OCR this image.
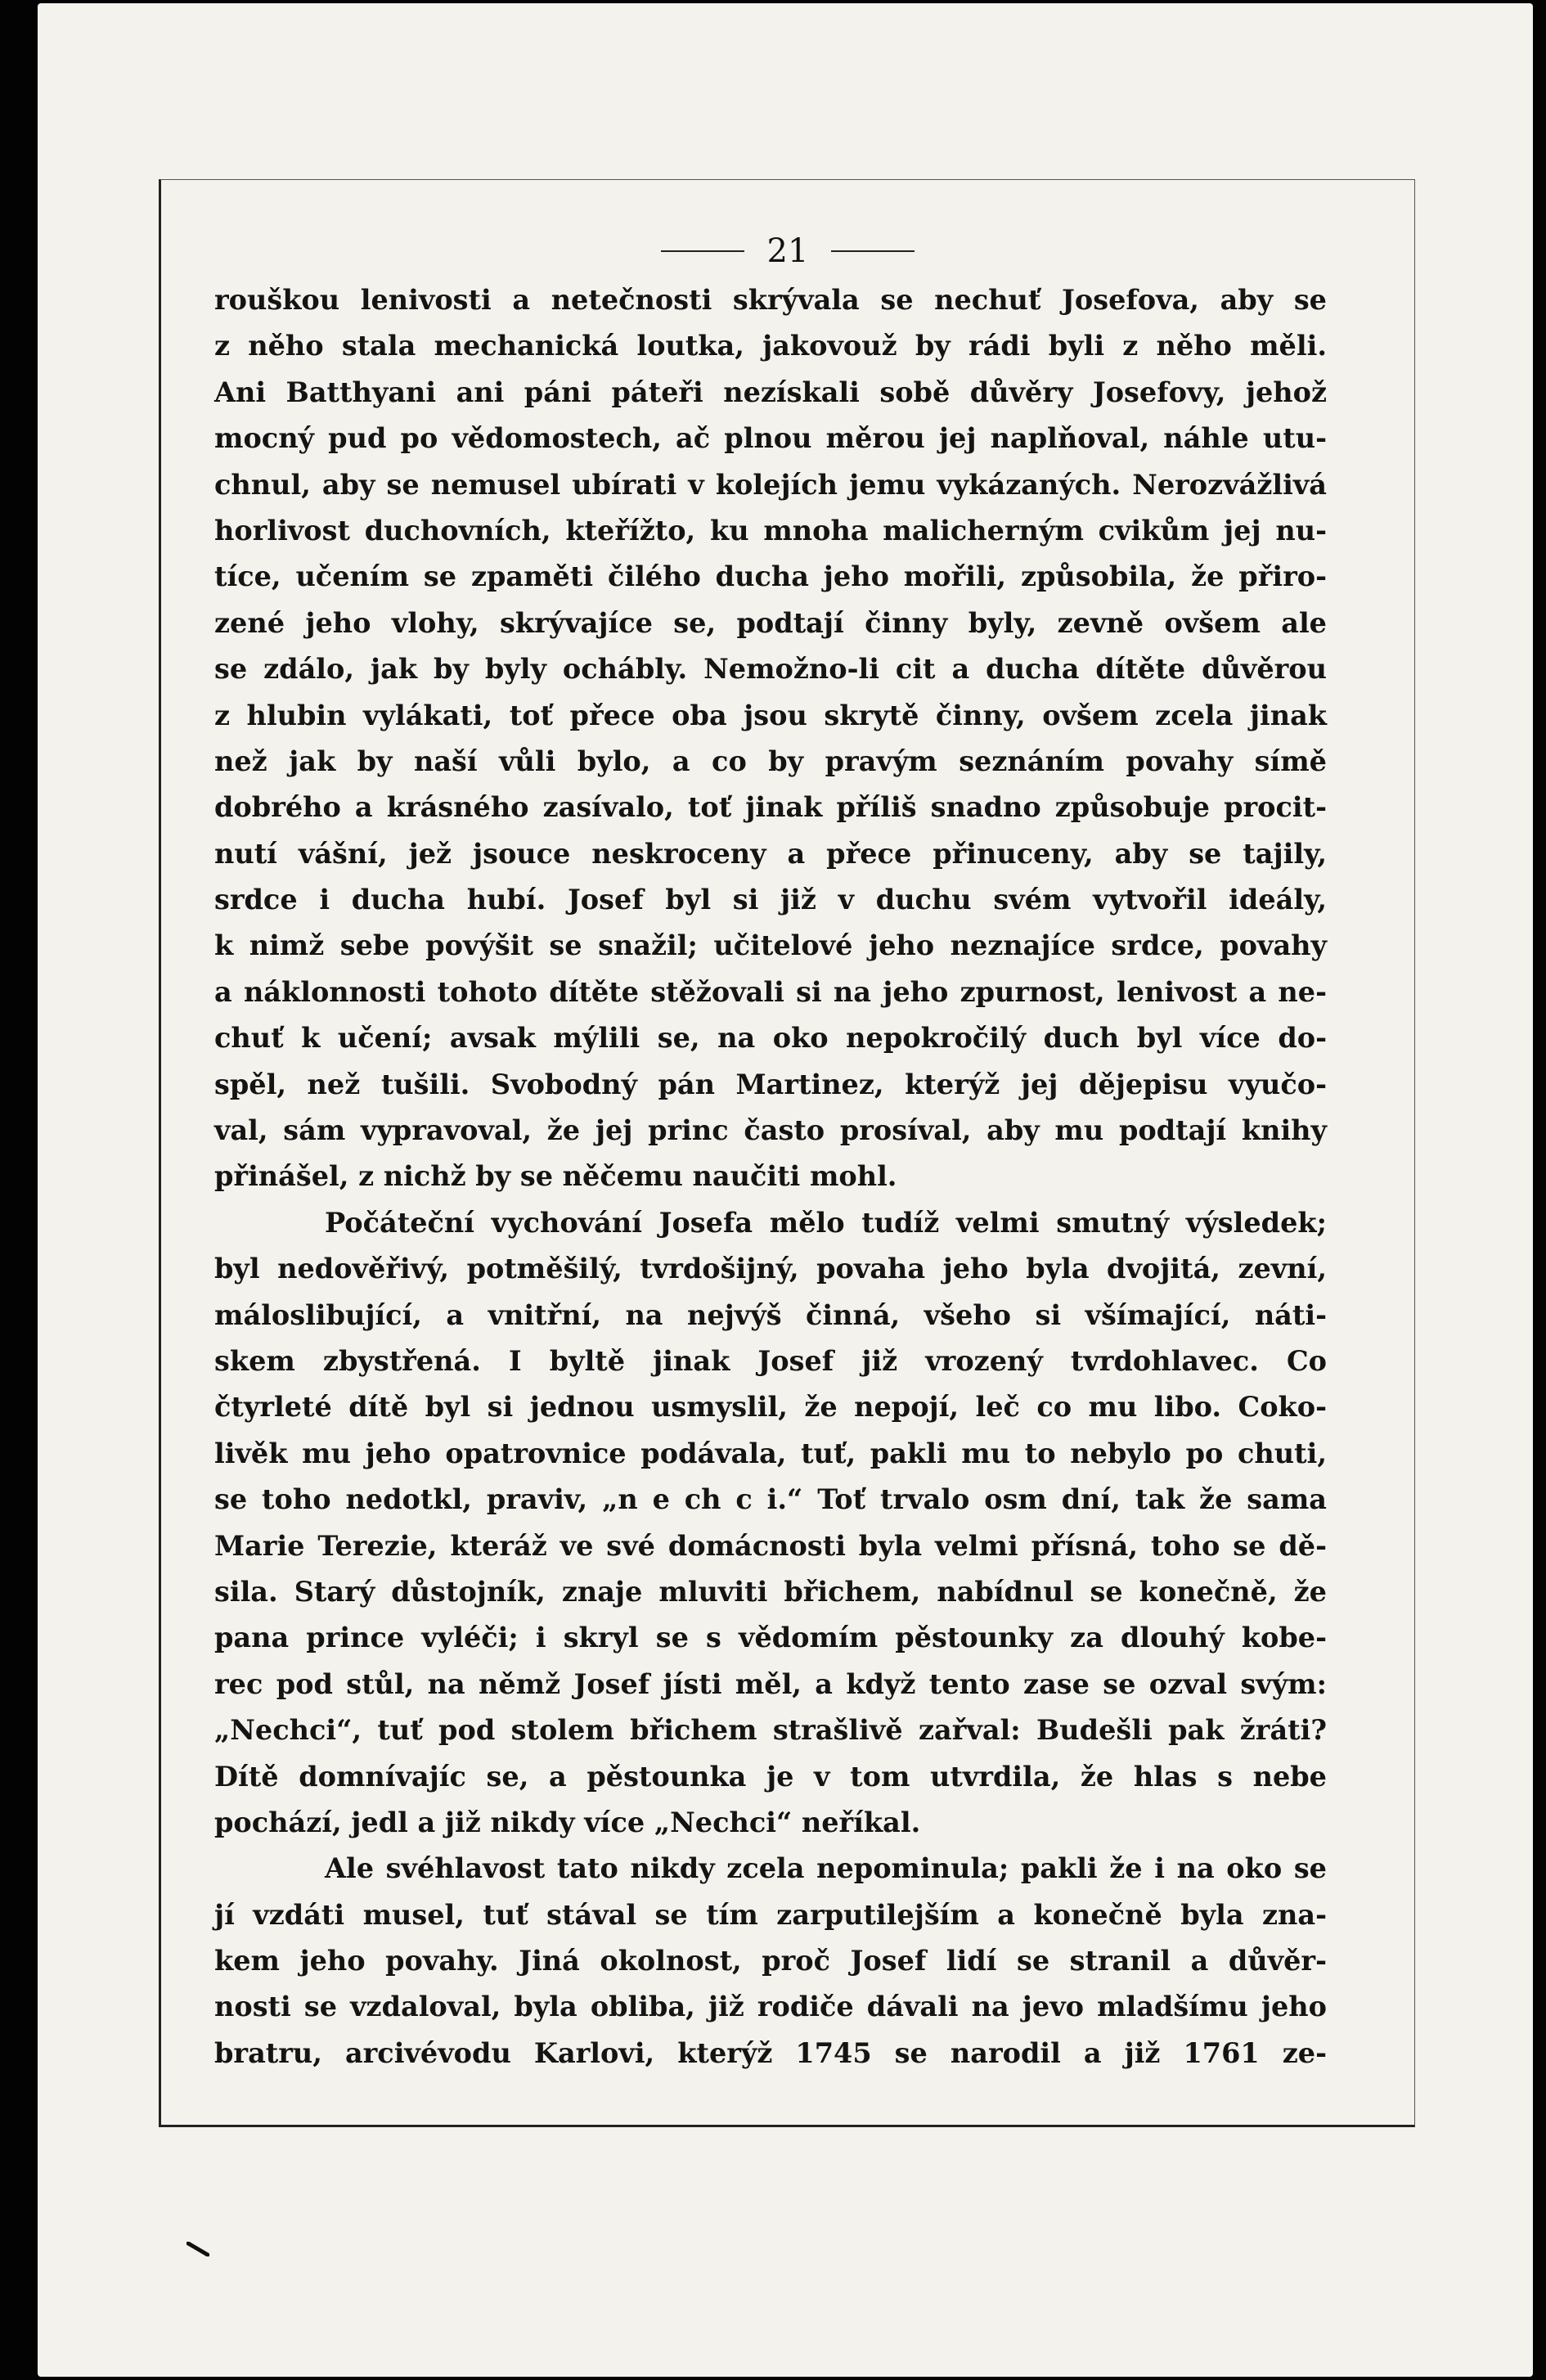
21
rouškou lenivosti a netečnosti skrývala se nechuť Josefova, aby se
z něho stala mechanická loutka, jakovouž by rádi byli z něho měli.
Ani Batthyani ani páni páteři nezískali sobě důvěry Josefovy, jehož
mocný pud po vědomostech, ač plnou měrou jej naplňoval, náhle utu-
chnul, aby se nemusel ubírati v kolejích jemu vykázaných. Nerozvážlivá
horlivost duchovních, kteřížto, ku mnoha malicherným cvikům jej nu-
tíce, učením se zpaměti čilého ducha jeho mořili, způsobila, že přiro-
zené jeho vlohy, skrývajíce se, podtají činny byly, zevně ovšem ale
se zdálo, jak by byly ochábly. Nemožno-li cit a ducha dítěte důvěrou
z hlubin vylákati, toť přece oba jsou skrytě činny, ovšem zcela jinak
než jak by naší vůli bylo, a co by pravým seznáním povahy símě
dobrého a krásného zasívalo, toť jinak příliš snadno způsobuje procit-
nutí vášní, jež jsouce neskroceny a přece přinuceny, aby se tajily,
srdce i ducha hubí. Josef byl si již v duchu svém vytvořil ideály,
k nimž sebe povýšit se snažil; učitelové jeho neznajíce srdce, povahy
a náklonnosti tohoto dítěte stěžovali si na jeho zpurnost, lenivost a ne-
chuť k učení; avsak mýlili se, na oko nepokročilý duch byl více do-
spěl, než tušili. Svobodný pán Martinez, kterýž jej dějepisu vyučo-
val, sám vypravoval, že jej princ často prosíval, aby mu podtají knihy
přinášel, z nichž by se něčemu naučiti mohl.
Počáteční vychování Josefa mělo tudíž velmi smutný výsledek;
byl nedověřivý, potměšilý, tvrdošijný, povaha jeho byla dvojitá, zevní,
máloslibující, a vnitřní, na nejvýš činná, všeho si všímající, náti-
skem zbystřená. I byltě jinak Josef již vrozený tvrdohlavec. Co
čtyrleté dítě byl si jednou usmyslil, že nepojí, leč co mu libo. Coko-
livěk mu jeho opatrovnice podávala, tuť, pakli mu to nebylo po chuti,
se toho nedotkl, praviv, „n e ch c i.“ Toť trvalo osm dní, tak že sama
Marie Terezie, kteráž ve své domácnosti byla velmi přísná, toho se dě-
sila. Starý důstojník, znaje mluviti břichem, nabídnul se konečně, že
pana prince vyléči; i skryl se s vědomím pěstounky za dlouhý kobe-
rec pod stůl, na němž Josef jísti měl, a když tento zase se ozval svým:
„Nechci“, tuť pod stolem břichem strašlivě zařval: Budešli pak žráti?
Dítě domnívajíc se, a pěstounka je v tom utvrdila, že hlas s nebe
pochází, jedl a již nikdy více „Nechci“ neříkal.
Ale svéhlavost tato nikdy zcela nepominula; pakli že i na oko se
jí vzdáti musel, tuť stával se tím zarputilejším a konečně byla zna-
kem jeho povahy. Jiná okolnost, proč Josef lidí se stranil a důvěr-
nosti se vzdaloval, byla obliba, již rodiče dávali na jevo mladšímu jeho
bratru, arcivévodu Karlovi, kterýž 1745 se narodil a již 1761 ze-
